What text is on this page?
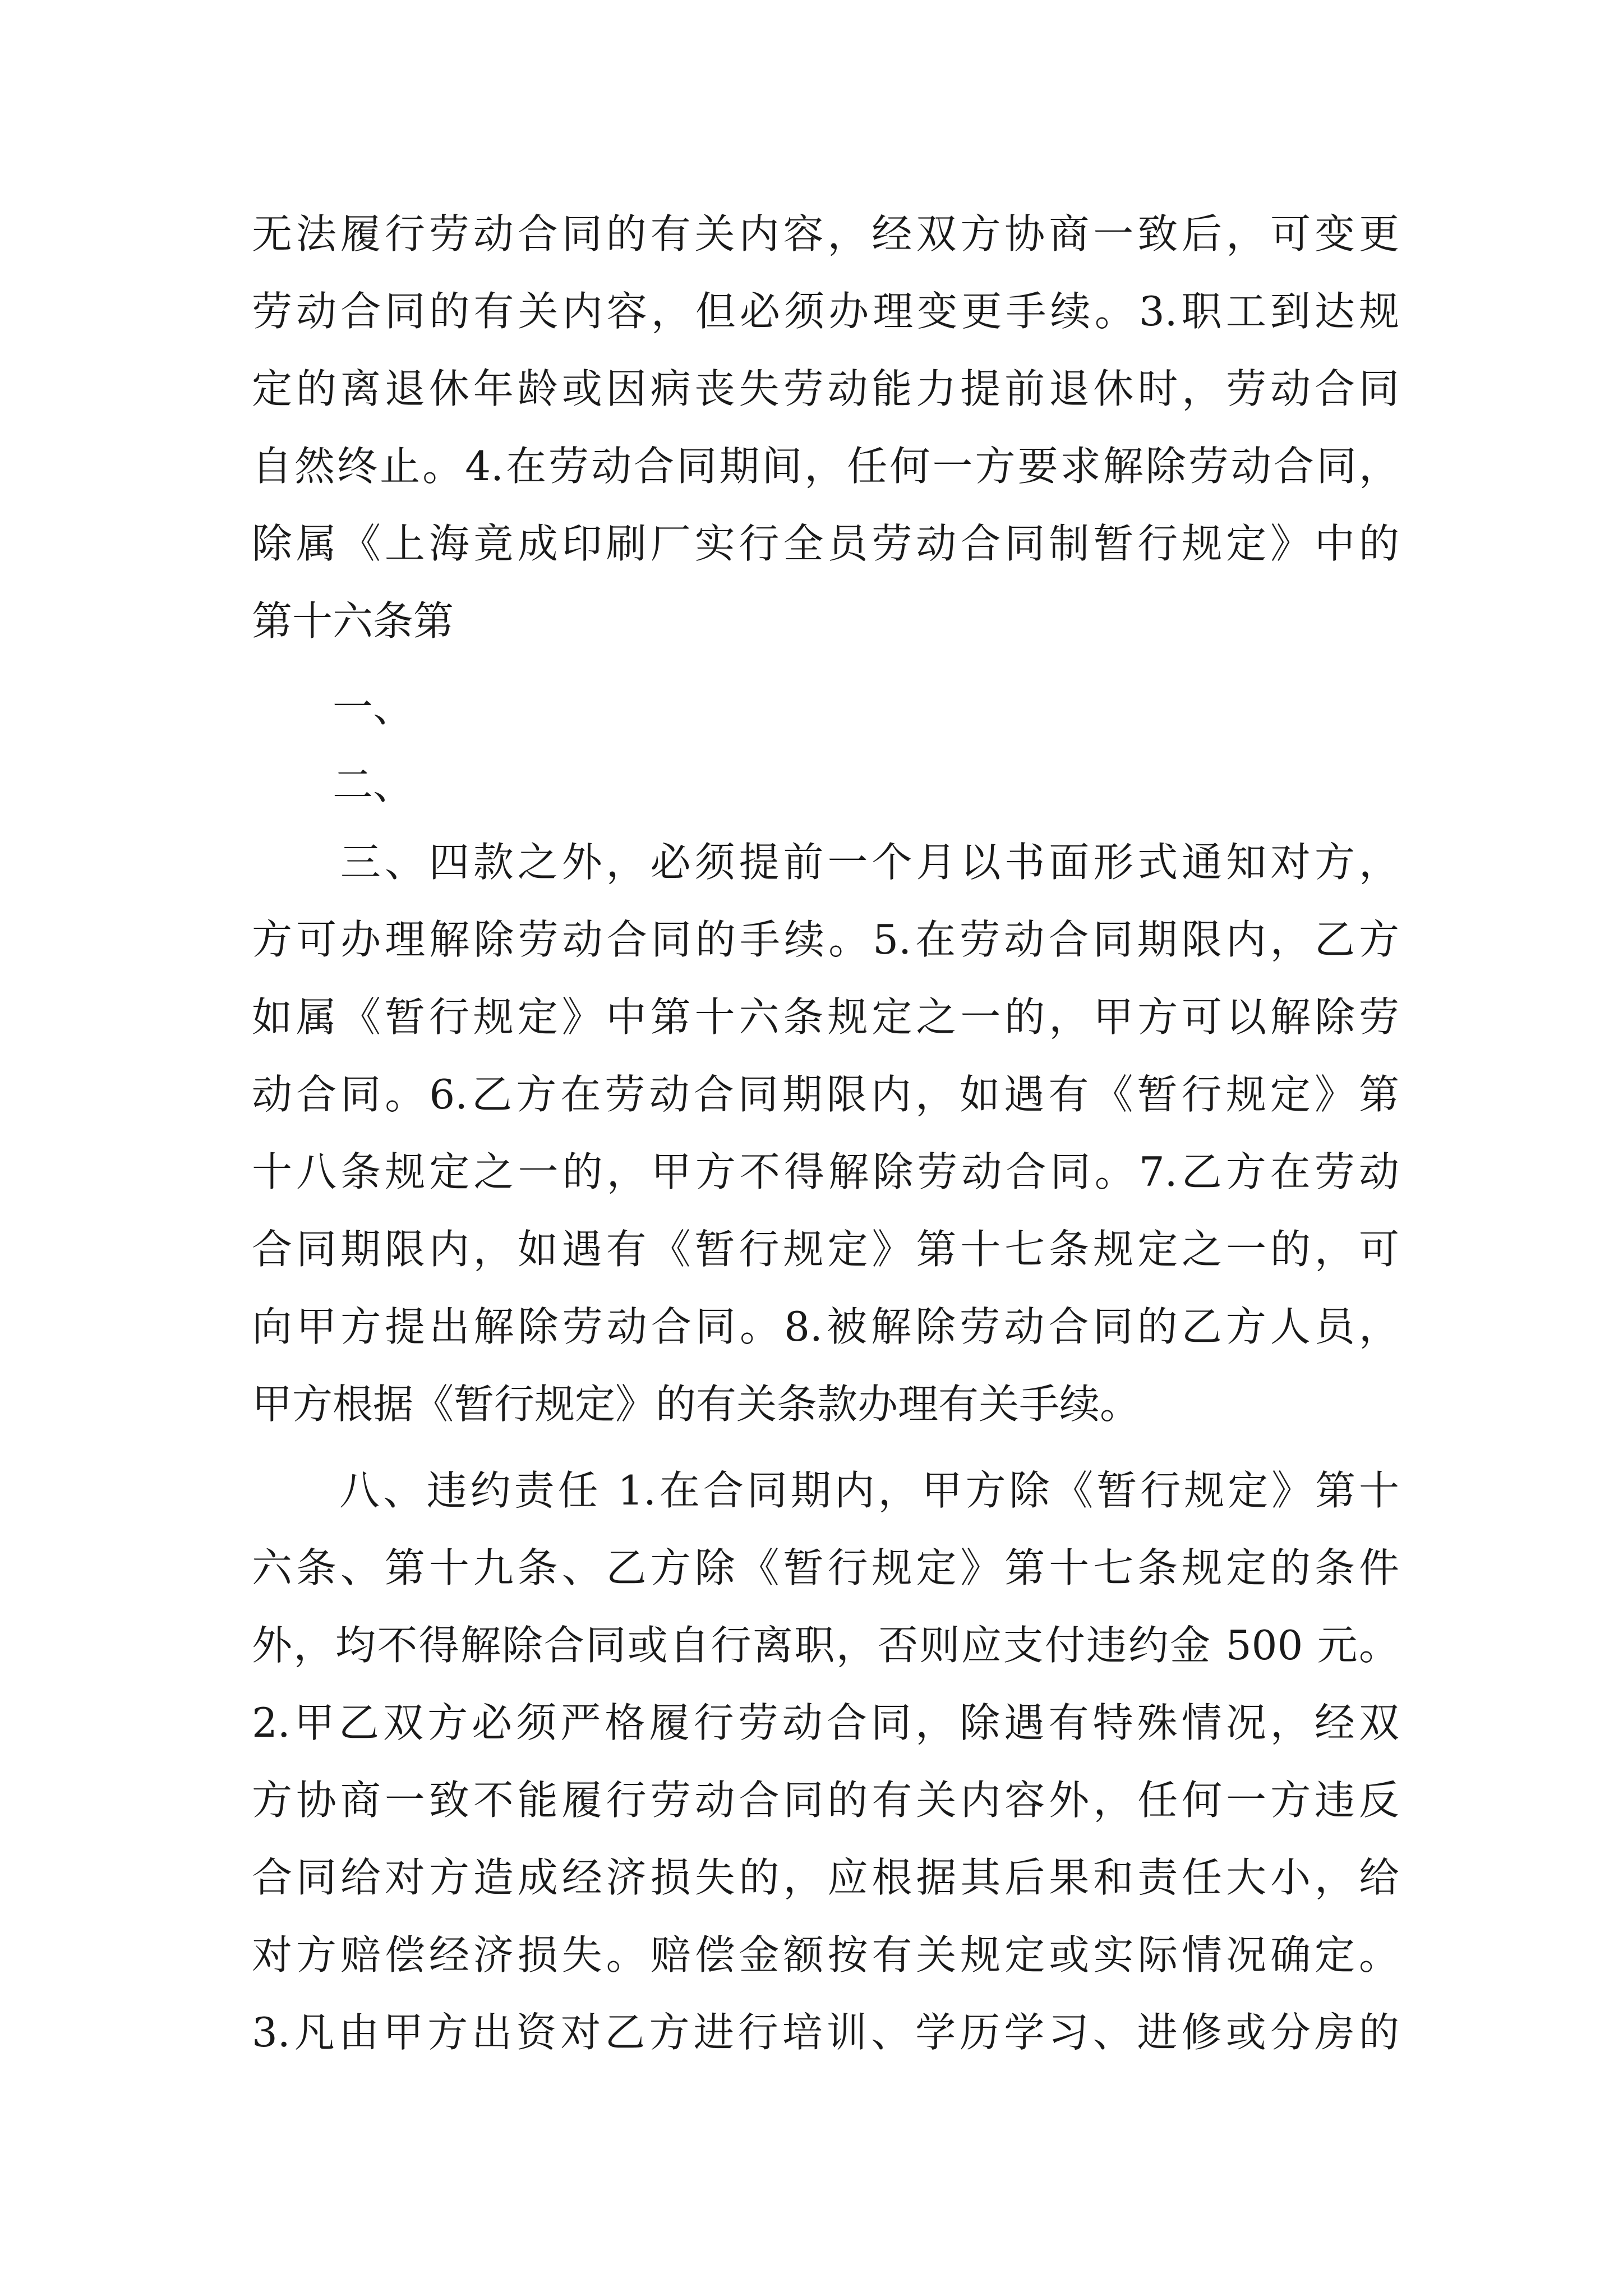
无法履行劳动合同的有关内容，经双方协商一致后，可变更
劳动合同的有关内容，但必须办理变更手续。3.职工到达规
定的离退休年龄或因病丧失劳动能力提前退休时，劳动合同
自然终止。4.在劳动合同期间，任何一方要求解除劳动合同，
除属《上海竟成印刷厂实行全员劳动合同制暂行规定》中的
第十六条第
　　一、
　　二、
　　三、四款之外，必须提前一个月以书面形式通知对方，
方可办理解除劳动合同的手续。5.在劳动合同期限内，乙方
如属《暂行规定》中第十六条规定之一的，甲方可以解除劳
动合同。6.乙方在劳动合同期限内，如遇有《暂行规定》第
十八条规定之一的，甲方不得解除劳动合同。7.乙方在劳动
合同期限内，如遇有《暂行规定》第十七条规定之一的，可
向甲方提出解除劳动合同。8.被解除劳动合同的乙方人员，
甲方根据《暂行规定》的有关条款办理有关手续。
　　八、违约责任 1.在合同期内，甲方除《暂行规定》第十
六条、第十九条、乙方除《暂行规定》第十七条规定的条件
外，均不得解除合同或自行离职，否则应支付违约金 500 元。
2.甲乙双方必须严格履行劳动合同，除遇有特殊情况，经双
方协商一致不能履行劳动合同的有关内容外，任何一方违反
合同给对方造成经济损失的，应根据其后果和责任大小，给
对方赔偿经济损失。赔偿金额按有关规定或实际情况确定。
3.凡由甲方出资对乙方进行培训、学历学习、进修或分房的
